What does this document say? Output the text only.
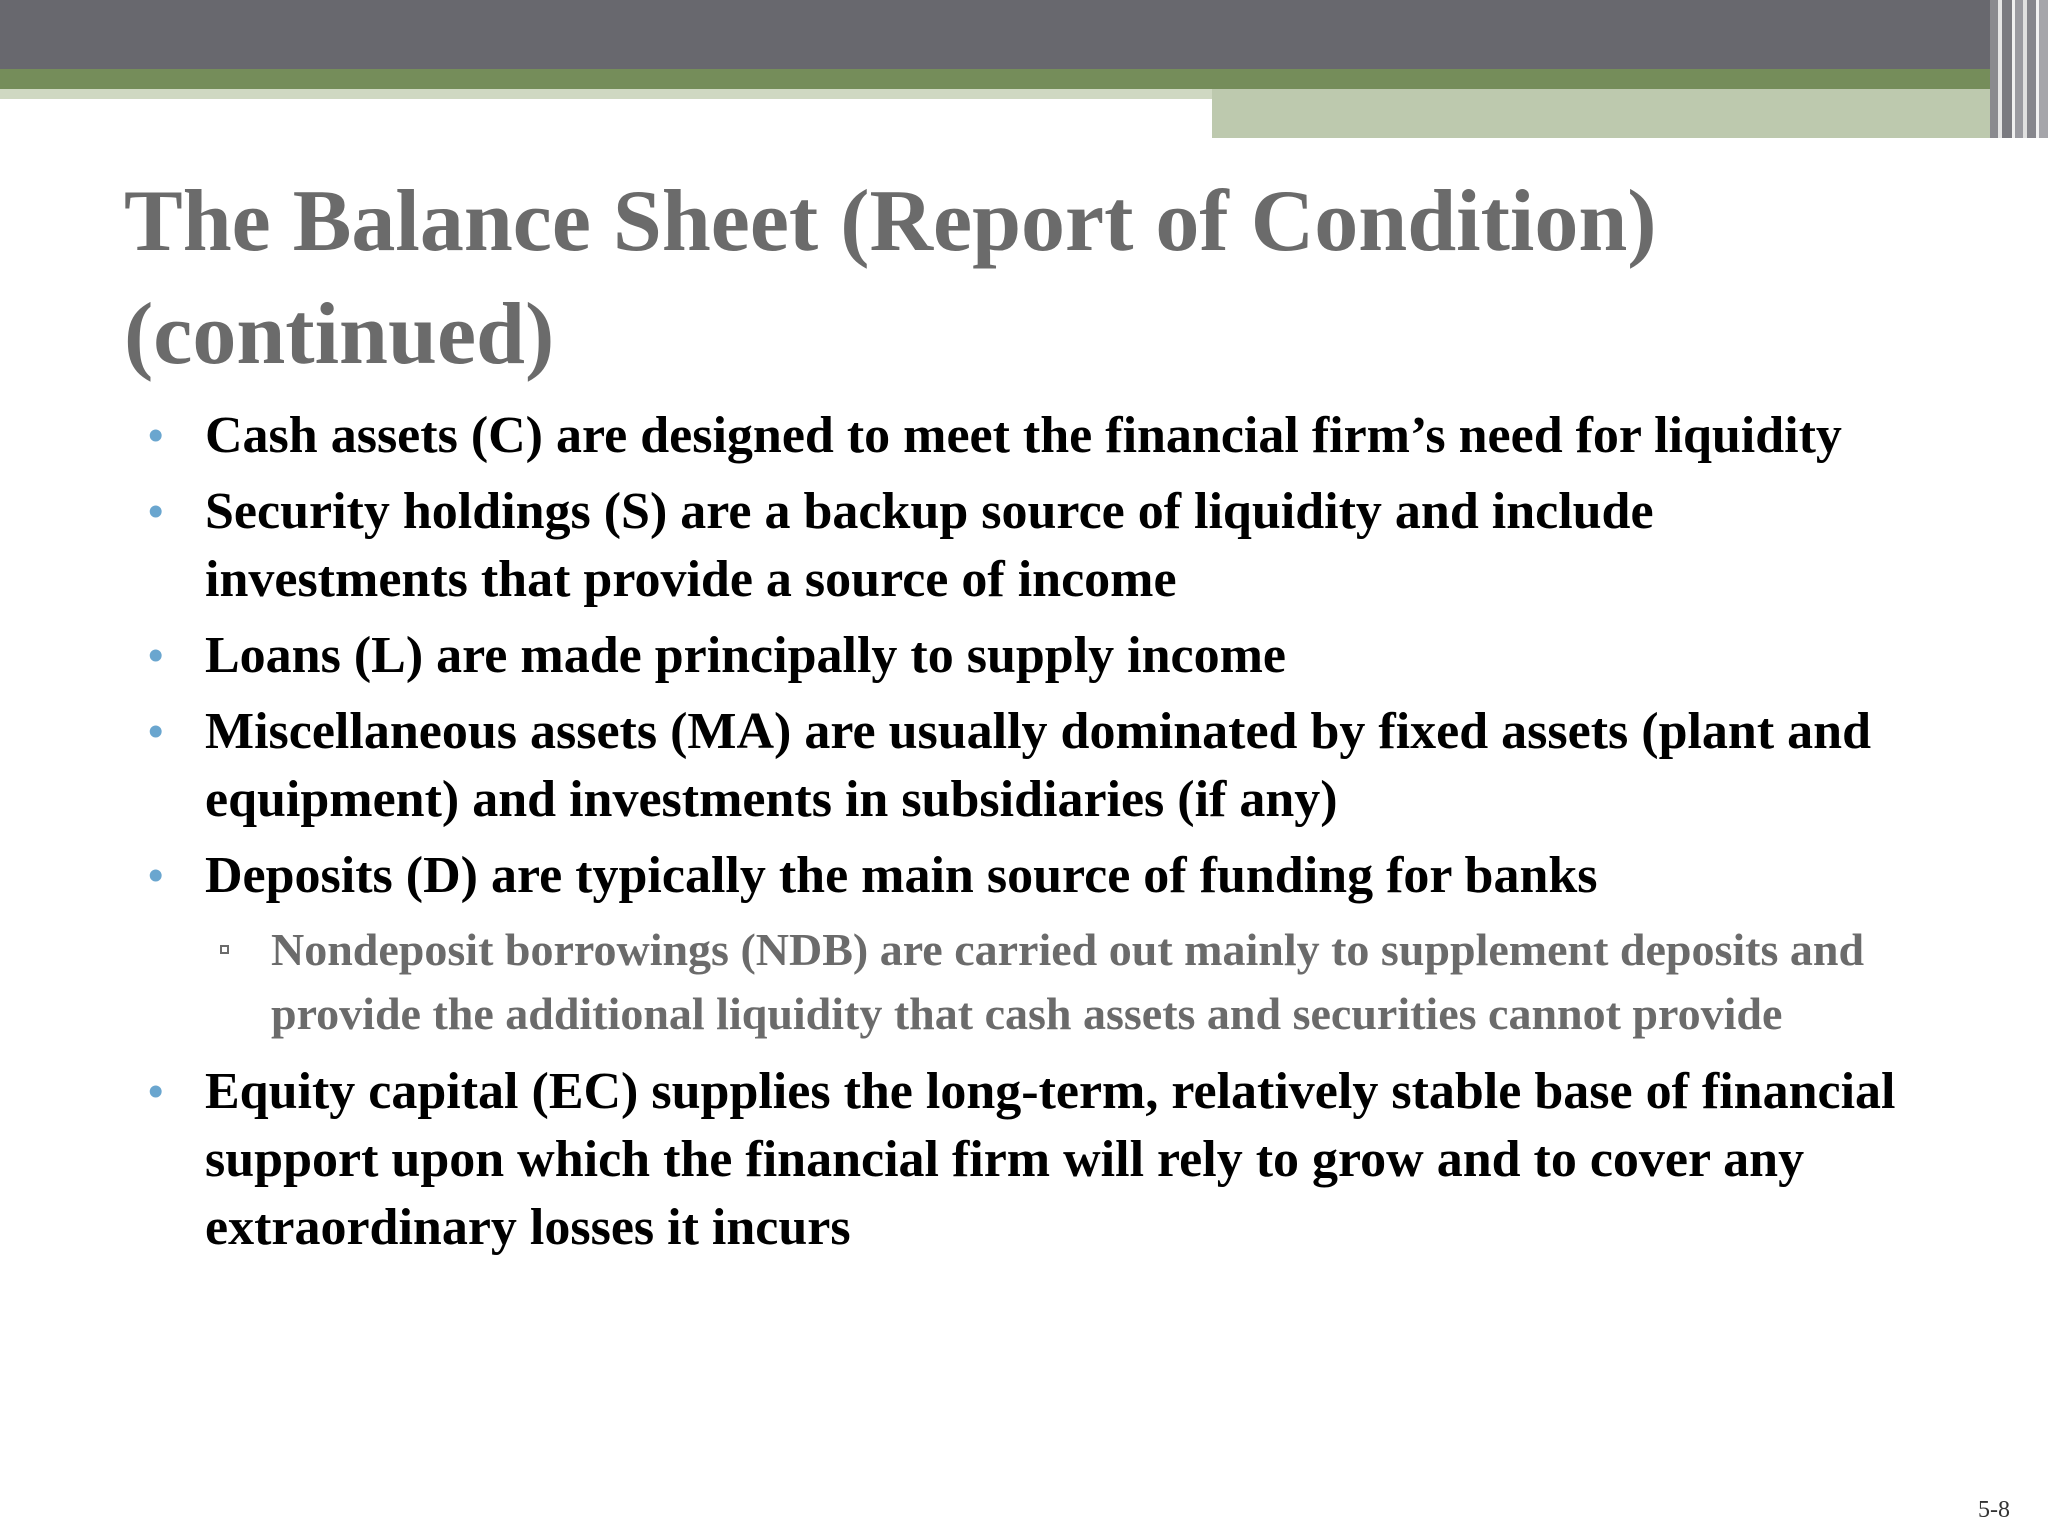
The Balance Sheet (Report of Condition) (continued)
• Cash assets (C) are designed to meet the financial firm’s need for liquidity
• Security holdings (S) are a backup source of liquidity and include investments that provide a source of income
• Loans (L) are made principally to supply income
• Miscellaneous assets (MA) are usually dominated by fixed assets (plant and equipment) and investments in subsidiaries (if any)
• Deposits (D) are typically the main source of funding for banks
Nondeposit borrowings (NDB) are carried out mainly to supplement deposits and provide the additional liquidity that cash assets and securities cannot provide
• Equity capital (EC) supplies the long-term, relatively stable base of financial support upon which the financial firm will rely to grow and to cover any extraordinary losses it incurs
5-8
